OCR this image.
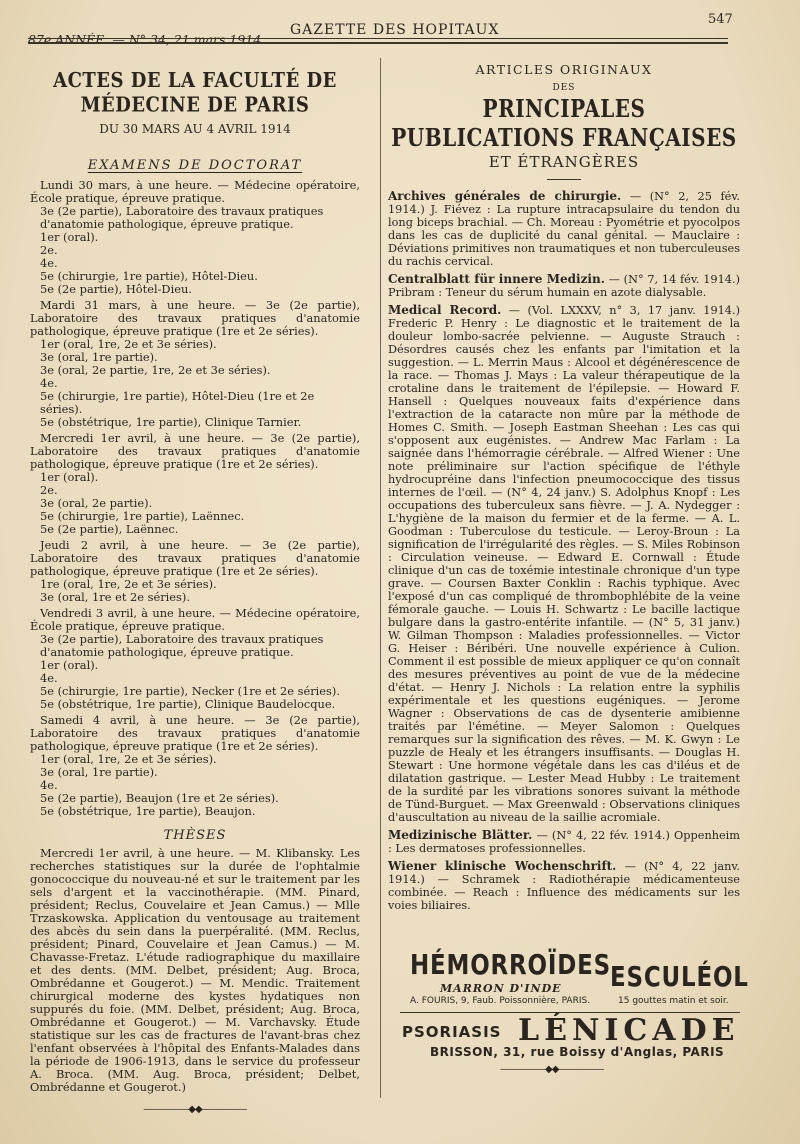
87e ANNÉE. — N° 34, 21 mars 1914.
GAZETTE DES HOPITAUX
547
ACTES DE LA FACULTÉ DE MÉDECINE DE PARIS
DU 30 MARS AU 4 AVRIL 1914
EXAMENS DE DOCTORAT

Lundi 30 mars, à une heure. — Médecine opératoire, École pratique, épreuve pratique.

3e (2e partie), Laboratoire des travaux pratiques d'anatomie pathologique, épreuve pratique.
1er (oral).
2e.
4e.
5e (chirurgie, 1re partie), Hôtel-Dieu.
5e (2e partie), Hôtel-Dieu.

Mardi 31 mars, à une heure. — 3e (2e partie), Laboratoire des travaux pratiques d'anatomie pathologique, épreuve pratique (1re et 2e séries).

1er (oral, 1re, 2e et 3e séries).
3e (oral, 1re partie).
3e (oral, 2e partie, 1re, 2e et 3e séries).
4e.
5e (chirurgie, 1re partie), Hôtel-Dieu (1re et 2e séries).
5e (obstétrique, 1re partie), Clinique Tarnier.

Mercredi 1er avril, à une heure. — 3e (2e partie), Laboratoire des travaux pratiques d'anatomie pathologique, épreuve pratique (1re et 2e séries).

1er (oral).
2e.
3e (oral, 2e partie).
5e (chirurgie, 1re partie), Laënnec.
5e (2e partie), Laënnec.

Jeudi 2 avril, à une heure. — 3e (2e partie), Laboratoire des travaux pratiques d'anatomie pathologique, épreuve pratique (1re et 2e séries).

1re (oral, 1re, 2e et 3e séries).
3e (oral, 1re et 2e séries).

Vendredi 3 avril, à une heure. — Médecine opératoire, École pratique, épreuve pratique.

3e (2e partie), Laboratoire des travaux pratiques d'anatomie pathologique, épreuve pratique.
1er (oral).
4e.
5e (chirurgie, 1re partie), Necker (1re et 2e séries).
5e (obstétrique, 1re partie), Clinique Baudelocque.

Samedi 4 avril, à une heure. — 3e (2e partie), Laboratoire des travaux pratiques d'anatomie pathologique, épreuve pratique (1re et 2e séries).

1er (oral, 1re, 2e et 3e séries).
3e (oral, 1re partie).
4e.
5e (2e partie), Beaujon (1re et 2e séries).
5e (obstétrique, 1re partie), Beaujon.
THÈSES

Mercredi 1er avril, à une heure. — M. Klibansky. Les recherches statistiques sur la durée de l'ophtalmie gonococcique du nouveau-né et sur le traitement par les sels d'argent et la vaccinothérapie. (MM. Pinard, président; Reclus, Couvelaire et Jean Camus.) — Mlle Trzaskowska. Application du ventousage au traitement des abcès du sein dans la puerpéralité. (MM. Reclus, président; Pinard, Couvelaire et Jean Camus.) — M. Chavasse-Fretaz. L'étude radiographique du maxillaire et des dents. (MM. Delbet, président; Aug. Broca, Ombrédanne et Gougerot.) — M. Mendic. Traitement chirurgical moderne des kystes hydatiques non suppurés du foie. (MM. Delbet, président; Aug. Broca, Ombrédanne et Gougerot.) — M. Varchavsky. Étude statistique sur les cas de fractures de l'avant-bras chez l'enfant observées à l'hôpital des Enfants-Malades dans la période de 1906-1913, dans le service du professeur A. Broca. (MM. Aug. Broca, président; Delbet, Ombrédanne et Gougerot.)

—————◆◆—————
ARTICLES ORIGINAUX
DES
PRINCIPALES PUBLICATIONS FRANÇAISES
ET ÉTRANGÈRES

Archives générales de chirurgie. — (N° 2, 25 fév. 1914.) J. Fiévez : La rupture intracapsulaire du tendon du long biceps brachial. — Ch. Moreau : Pyométrie et pyocolpos dans les cas de duplicité du canal génital. — Mauclaire : Déviations primitives non traumatiques et non tuberculeuses du rachis cervical.

Centralblatt für innere Medizin. — (N° 7, 14 fév. 1914.) Pribram : Teneur du sérum humain en azote dialysable.

Medical Record. — (Vol. LXXXV, n° 3, 17 janv. 1914.) Frederic P. Henry : Le diagnostic et le traitement de la douleur lombo-sacrée pelvienne. — Auguste Strauch : Désordres causés chez les enfants par l'imitation et la suggestion. — L. Merrin Maus : Alcool et dégénérescence de la race. — Thomas J. Mays : La valeur thérapeutique de la crotaline dans le traitement de l'épilepsie. — Howard F. Hansell : Quelques nouveaux faits d'expérience dans l'extraction de la cataracte non mûre par la méthode de Homes C. Smith. — Joseph Eastman Sheehan : Les cas qui s'opposent aux eugénistes. — Andrew Mac Farlam : La saignée dans l'hémorragie cérébrale. — Alfred Wiener : Une note préliminaire sur l'action spécifique de l'éthyle hydrocupréine dans l'infection pneumococcique des tissus internes de l'œil. — (N° 4, 24 janv.) S. Adolphus Knopf : Les occupations des tuberculeux sans fièvre. — J. A. Nydegger : L'hygiène de la maison du fermier et de la ferme. — A. L. Goodman : Tuberculose du testicule. — Leroy-Broun : La signification de l'irrégularité des règles. — S. Miles Robinson : Circulation veineuse. — Edward E. Cornwall : Étude clinique d'un cas de toxémie intestinale chronique d'un type grave. — Coursen Baxter Conklin : Rachis typhique. Avec l'exposé d'un cas compliqué de thrombophlébite de la veine fémorale gauche. — Louis H. Schwartz : Le bacille lactique bulgare dans la gastro-entérite infantile. — (N° 5, 31 janv.) W. Gilman Thompson : Maladies professionnelles. — Victor G. Heiser : Béribéri. Une nouvelle expérience à Culion. Comment il est possible de mieux appliquer ce qu'on connaît des mesures préventives au point de vue de la médecine d'état. — Henry J. Nichols : La relation entre la syphilis expérimentale et les questions eugéniques. — Jerome Wagner : Observations de cas de dysenterie amibienne traités par l'émétine. — Meyer Salomon : Quelques remarques sur la signification des rêves. — M. K. Gwyn : Le puzzle de Healy et les étrangers insuffisants. — Douglas H. Stewart : Une hormone végétale dans les cas d'iléus et de dilatation gastrique. — Lester Mead Hubby : Le traitement de la surdité par les vibrations sonores suivant la méthode de Tünd-Burguet. — Max Greenwald : Observations cliniques d'auscultation au niveau de la saillie acromiale.

Medizinische Blätter. — (N° 4, 22 fév. 1914.) Oppenheim : Les dermatoses professionnelles.

Wiener klinische Wochenschrift. — (N° 4, 22 janv. 1914.) — Schramek : Radiothérapie médicamenteuse combinée. — Reach : Influence des médicaments sur les voies biliaires.

HÉMORROÏDES
MARRON D'INDE
A. FOURIS, 9, Faub. Poissonnière, PARIS.
ESCULÉOL
15 gouttes matin et soir.
PSORIASIS LÉNICADE
BRISSON, 31, rue Boissy d'Anglas, PARIS
—————◆◆—————
